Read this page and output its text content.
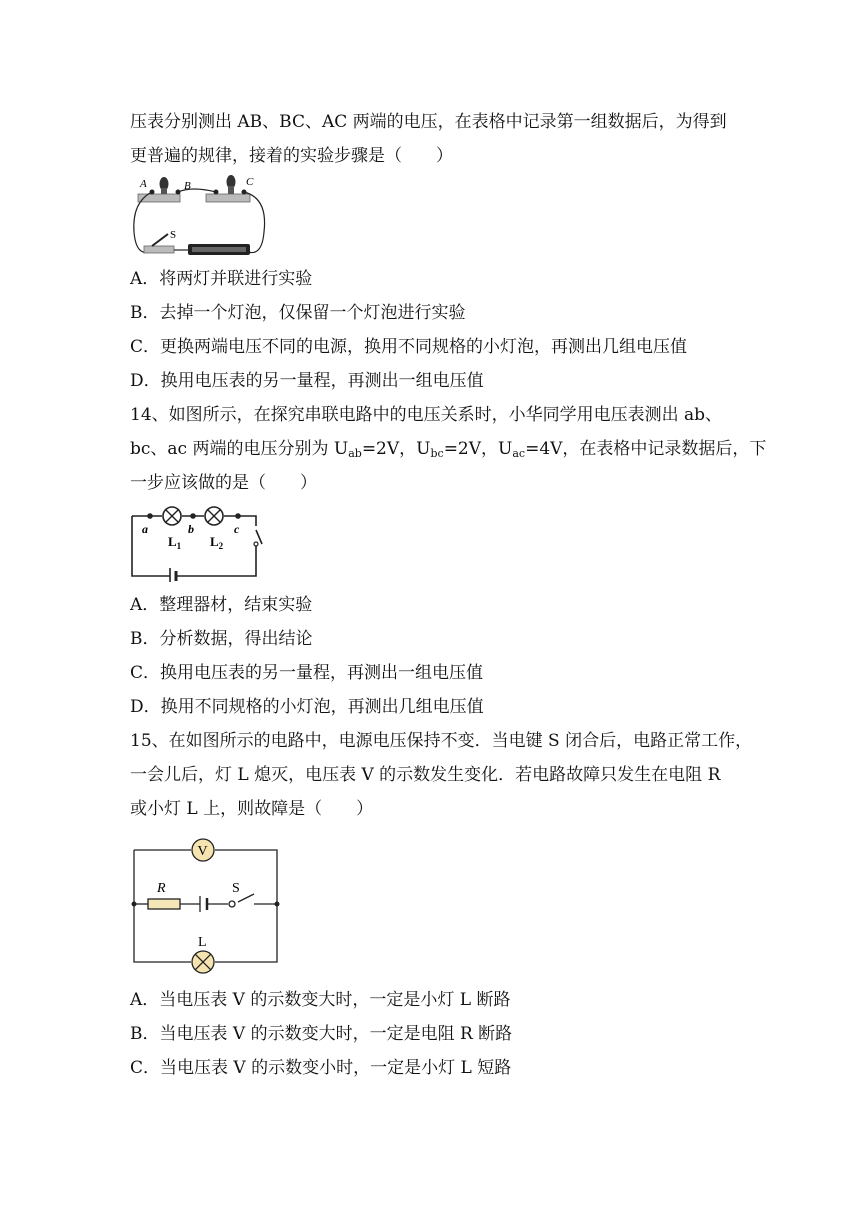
压表分别测出 AB、BC、AC 两端的电压，在表格中记录第一组数据后，为得到
更普遍的规律，接着的实验步骤是（　　）
A	B	C
S
A．将两灯并联进行实验
B．去掉一个灯泡，仅保留一个灯泡进行实验
C．更换两端电压不同的电源，换用不同规格的小灯泡，再测出几组电压值
D．换用电压表的另一量程，再测出一组电压值
14、如图所示，在探究串联电路中的电压关系时，小华同学用电压表测出 ab、
bc、ac 两端的电压分别为 $U_{ab}=2V$，$U_{bc}=2V$，$U_{ac}=4V$，在表格中记录数据后，下
一步应该做的是（　　）
a	b	c
$L_1$ $L_2$
A．整理器材，结束实验
B．分析数据，得出结论
C．换用电压表的另一量程，再测出一组电压值
D．换用不同规格的小灯泡，再测出几组电压值
15、在如图所示的电路中，电源电压保持不变．当电键 S 闭合后，电路正常工作，
一会儿后，灯 L 熄灭，电压表 V 的示数发生变化．若电路故障只发生在电阻 R
或小灯 L 上，则故障是（　　）
V
R	S
L
A．当电压表 V 的示数变大时，一定是小灯 L 断路
B．当电压表 V 的示数变大时，一定是电阻 R 断路
C．当电压表 V 的示数变小时，一定是小灯 L 短路
